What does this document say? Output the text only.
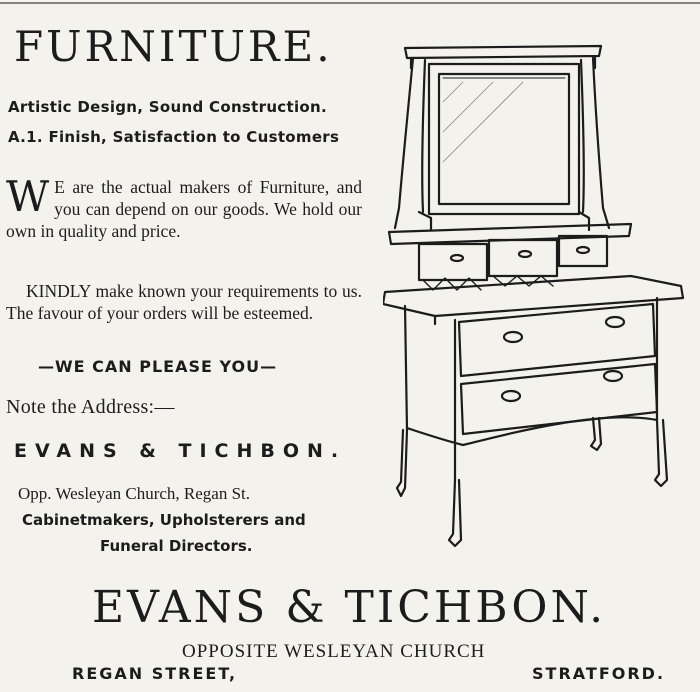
FURNITURE.
Artistic Design, Sound Construction.
A.1. Finish, Satisfaction to Customers
W E are the actual makers of Furniture, and you can depend on our goods. We hold our own in quality and price.
KINDLY make known your requirements to us. The favour of your orders will be esteemed.
—WE CAN PLEASE YOU—
Note the Address:—
EVANS & TICHBON.
Opp. Wesleyan Church, Regan St.
Cabinetmakers, Upholsterers and
Funeral Directors.
EVANS & TICHBON.
OPPOSITE WESLEYAN CHURCH
REGAN STREET,	STRATFORD.
